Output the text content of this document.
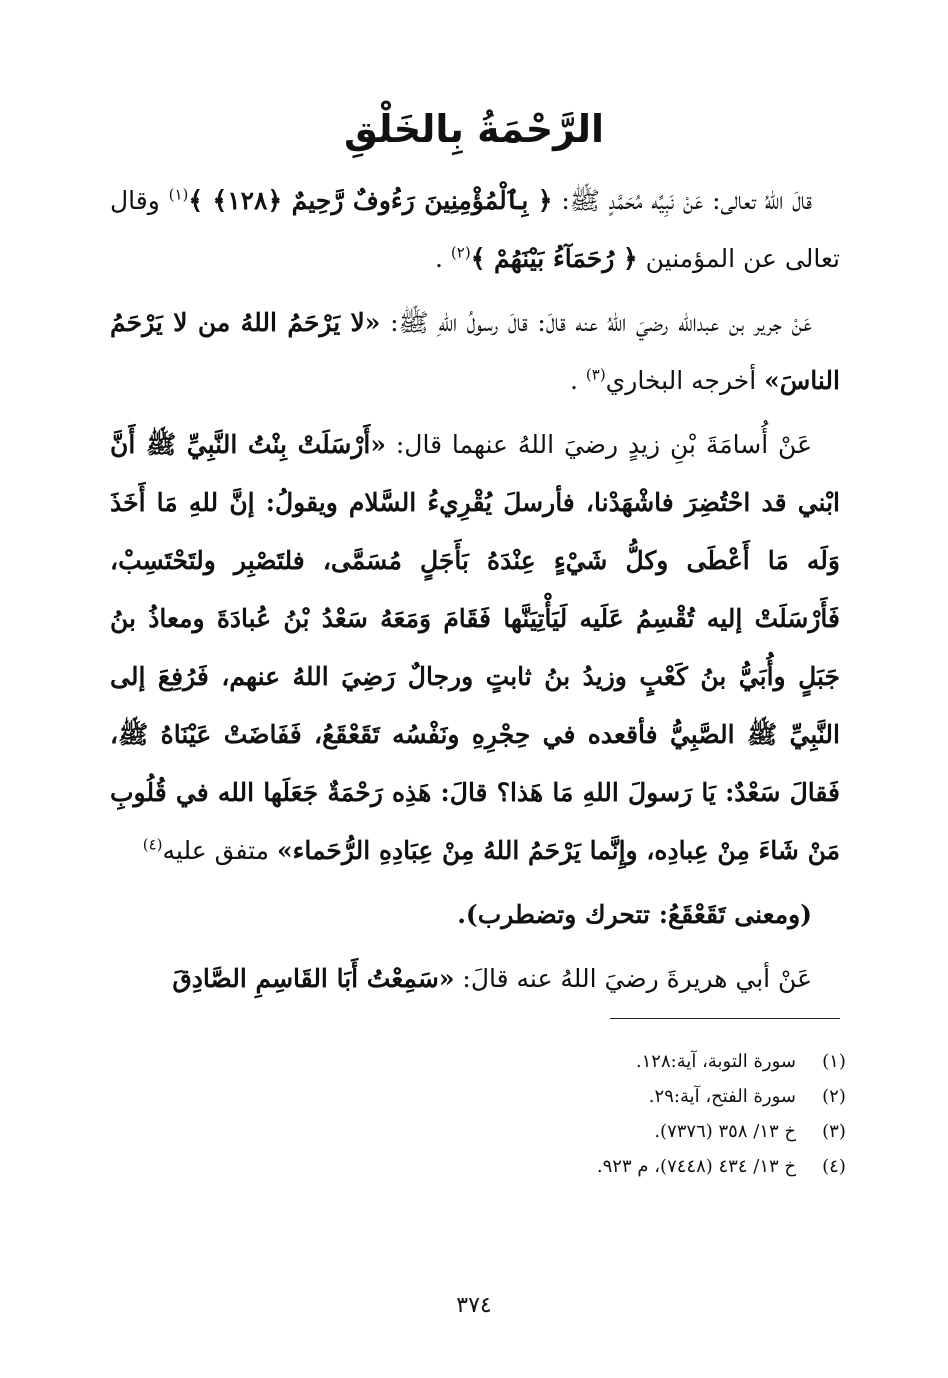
الرَّحْمَةُ بِالخَلْقِ

قالَ اللهُ تعالى: عَنْ نَبِيِّه مُحَمَّدٍ ﷺ: ﴿ بِٱلْمُؤْمِنِينَ رَءُوفٌ رَّحِيمٌ ﴿١٢٨﴾ ﴾$^{(١)}$ وقال تعالى عن المؤمنين ﴿ رُحَمَآءُ بَيْنَهُمْ ﴾$^{(٢)}$ .

عَنْ جرير بن عبدالله رضيَ اللهُ عنه قالَ: قالَ رسولُ اللهِ ﷺ: «لا يَرْحَمُ اللهُ من لا يَرْحَمُ الناسَ» أخرجه البخاري$^{(٣)}$ .

عَنْ أُسامَةَ بْنِ زيدٍ رضيَ اللهُ عنهما قال: «أَرْسَلَتْ بِنْتُ النَّبِيِّ ﷺ أَنَّ ابْني قد احْتُضِرَ فاشْهَدْنا، فأرسلَ يُقْرِيءُ السَّلام ويقولُ: إنَّ للهِ مَا أَخَذَ وَلَه مَا أَعْطَى وكلُّ شَيْءٍ عِنْدَهُ بَأَجَلٍ مُسَمَّى، فلتَصْبِر ولتَحْتَسِبْ، فَأَرْسَلَتْ إليه تُقْسِمُ عَلَيه لَيَأْتِيَنَّها فَقَامَ وَمَعَهُ سَعْدُ بْنُ عُبادَةَ ومعاذُ بنُ جَبَلٍ وأُبَيُّ بنُ كَعْبٍ وزيدُ بنُ ثابتٍ ورجالٌ رَضِيَ اللهُ عنهم، فَرُفِعَ إلى النَّبِيِّ ﷺ الصَّبِيُّ فأقعده في حِجْرِهِ ونَفْسُه تَقَعْقَعُ، فَفَاضَتْ عَيْنَاهُ ﷺ، فَقالَ سَعْدٌ: يَا رَسولَ اللهِ مَا هَذا؟ قالَ: هَذِه رَحْمَةٌ جَعَلَها الله في قُلُوبِ مَنْ شَاءَ مِنْ عِبادِه، وإِنَّما يَرْحَمُ اللهُ مِنْ عِبَادِهِ الرُّحَماء» متفق عليه$^{(٤)}$

(ومعنى تَقَعْقَعُ: تتحرك وتضطرب).

عَنْ أبي هريرةَ رضيَ اللهُ عنه قالَ: «سَمِعْتُ أَبَا القَاسِمِ الصَّادِقَ

(١)
سورة التوبة، آية:١٢٨.
(٢)
سورة الفتح، آية:٢٩.
(٣)
خ ١٣/ ٣٥٨ (٧٣٧٦).
(٤)
خ ١٣/ ٤٣٤ (٧٤٤٨)، م ٩٢٣.
٣٧٤
